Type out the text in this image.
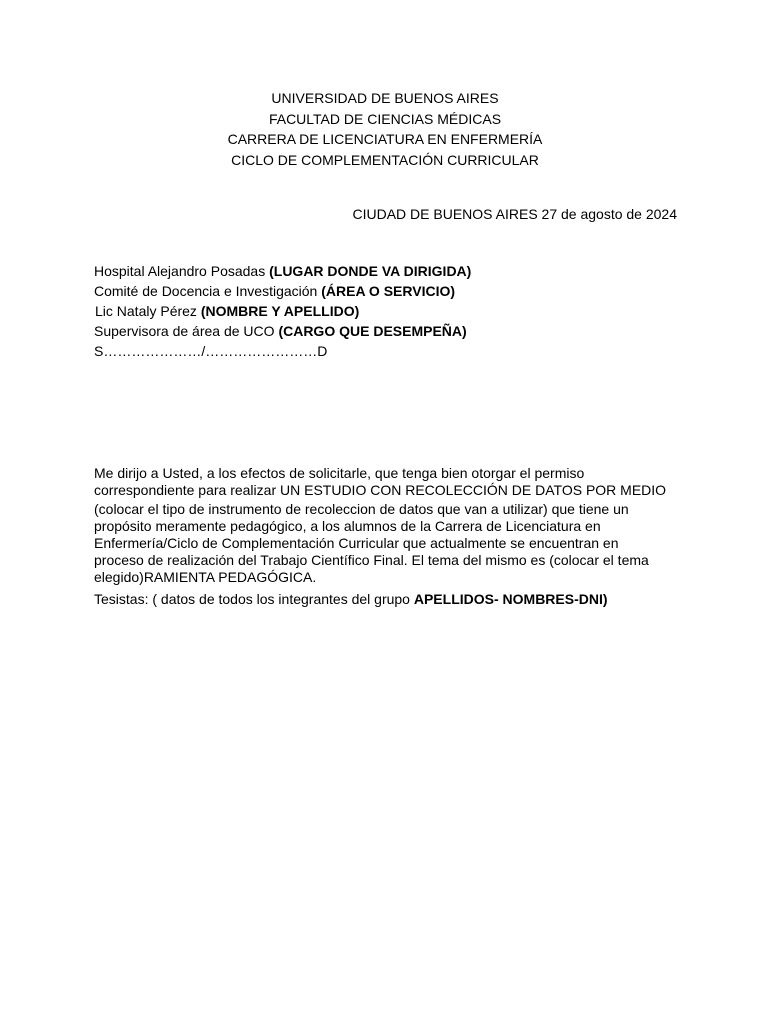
UNIVERSIDAD DE BUENOS AIRES
FACULTAD DE CIENCIAS MÉDICAS
CARRERA DE LICENCIATURA EN ENFERMERÍA
CICLO DE COMPLEMENTACIÓN CURRICULAR
CIUDAD DE BUENOS AIRES 27 de agosto de 2024
Hospital Alejandro Posadas (LUGAR DONDE VA DIRIGIDA)
Comité de Docencia e Investigación (ÁREA O SERVICIO)
Lic Nataly Pérez (NOMBRE Y APELLIDO)
Supervisora de área de UCO (CARGO QUE DESEMPEÑA)
S…………………/……………………D
Me dirijo a Usted, a los efectos de solicitarle, que tenga bien otorgar el permiso
correspondiente para realizar UN ESTUDIO CON RECOLECCIÓN DE DATOS POR MEDIO
(colocar el tipo de instrumento de recoleccion de datos que van a utilizar) que tiene un
propósito meramente pedagógico, a los alumnos de la Carrera de Licenciatura en
Enfermería/Ciclo de Complementación Curricular que actualmente se encuentran en
proceso de realización del Trabajo Científico Final. El tema del mismo es (colocar el tema
elegido)RAMIENTA PEDAGÓGICA.
Tesistas: ( datos de todos los integrantes del grupo APELLIDOS- NOMBRES-DNI)
